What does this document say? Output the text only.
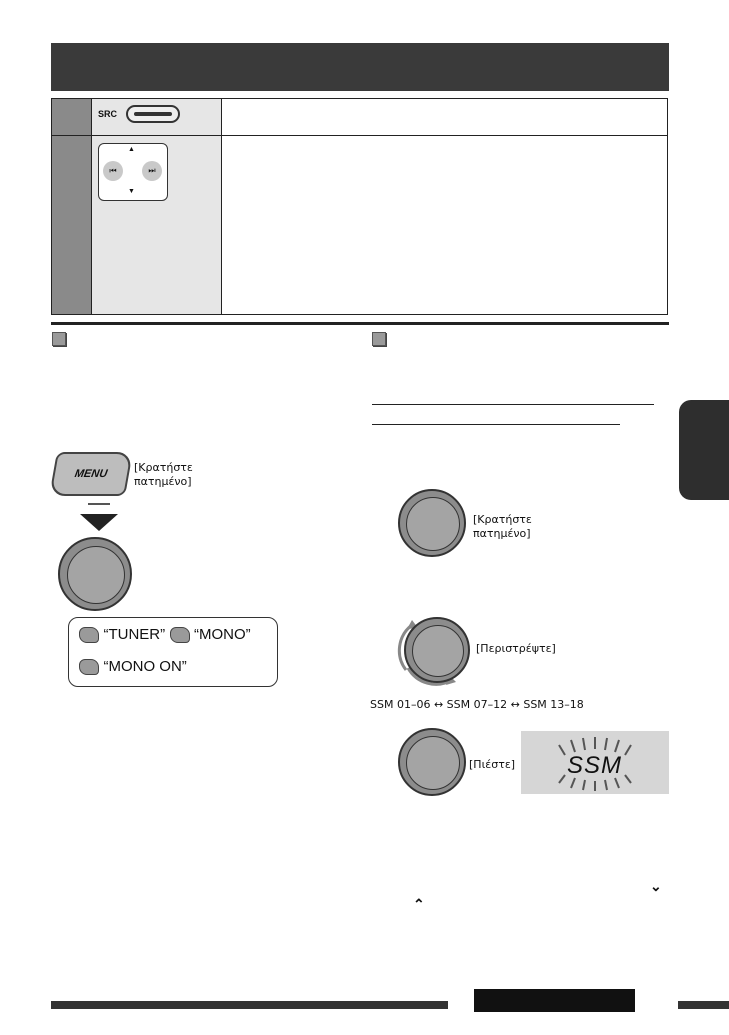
SRC
▲
▼
⏮	⏭
MENU [Κρατήστε
πατημένο]
“TUNER” “MONO”
“MONO ON”
[Κρατήστε
πατημένο]
[Περιστρέψτε]
SSM 01–06 ↔ SSM 07–12 ↔ SSM 13–18
[Πιέστε] SSM
⌄
⌃
